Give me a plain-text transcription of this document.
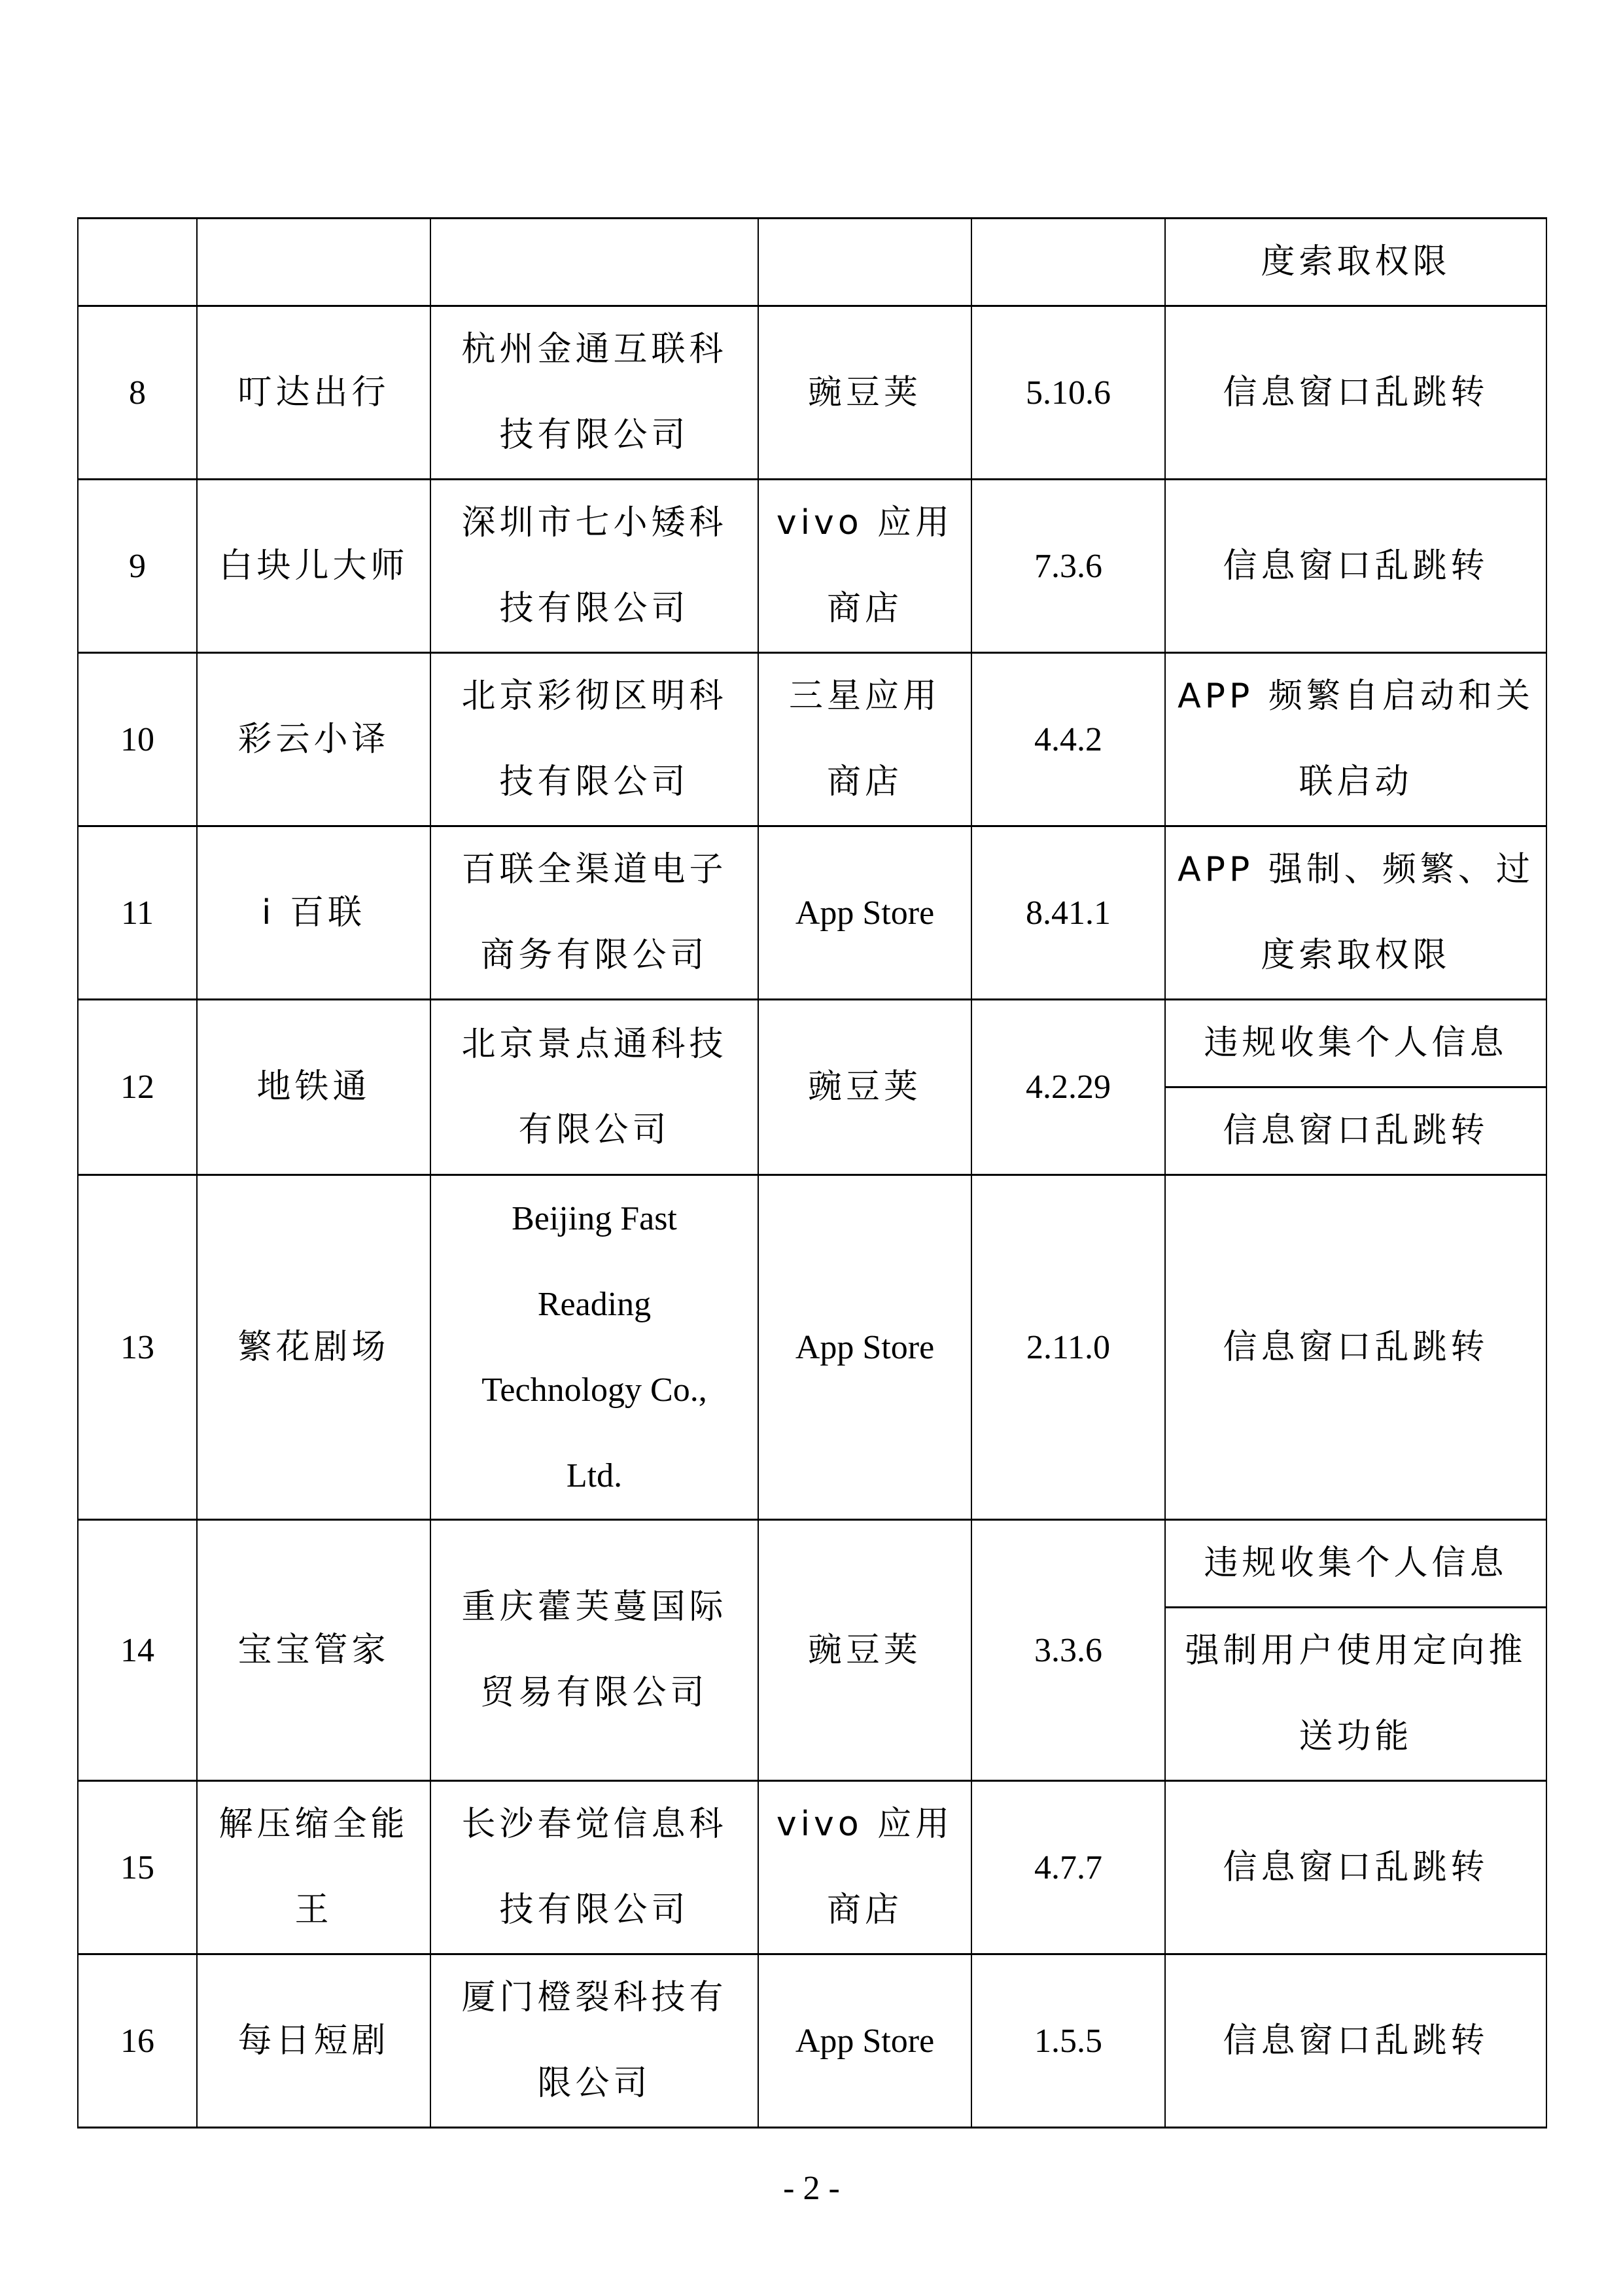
					度索取权限

8	叮达出行	杭州金通互联科
技有限公司	豌豆荚	5.10.6	信息窗口乱跳转

9	白块儿大师	深圳市七小矮科
技有限公司	vivo 应用
商店	7.3.6	信息窗口乱跳转

10	彩云小译	北京彩彻区明科
技有限公司	三星应用
商店	4.4.2	APP 频繁自启动和关
联启动

11	i 百联	百联全渠道电子
商务有限公司	App Store	8.41.1	APP 强制、频繁、过
度索取权限

12	地铁通	北京景点通科技
有限公司	豌豆荚	4.2.29	违规收集个人信息

					信息窗口乱跳转

13	繁花剧场	Beijing Fast
Reading
Technology Co.,
Ltd.	App Store	2.11.0	信息窗口乱跳转

14	宝宝管家	重庆藿芙蔓国际
贸易有限公司	豌豆荚	3.3.6	违规收集个人信息

					强制用户使用定向推
送功能

15	解压缩全能
王	长沙春觉信息科
技有限公司	vivo 应用
商店	4.7.7	信息窗口乱跳转

16	每日短剧	厦门橙裂科技有
限公司	App Store	1.5.5	信息窗口乱跳转
- 2 -
